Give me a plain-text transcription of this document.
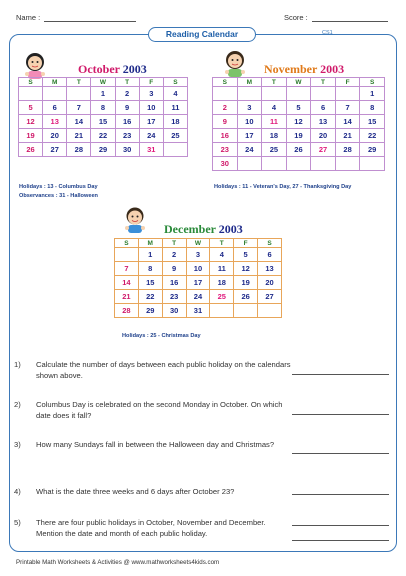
Name :	Score :
Reading Calendar	CS1
October 2003
S	M	T	W	T	F	S
			1	2	3	4
5	6	7	8	9	10	11
12	13	14	15	16	17	18
19	20	21	22	23	24	25
26	27	28	29	30	31	
Holidays : 13 - Columbus Day
Observances : 31 - Halloween
November 2003
S	M	T	W	T	F	S
						1
2	3	4	5	6	7	8
9	10	11	12	13	14	15
16	17	18	19	20	21	22
23	24	25	26	27	28	29
30						
Holidays : 11 - Veteran's Day, 27 - Thanksgiving Day
December 2003
S	M	T	W	T	F	S
	1	2	3	4	5	6
7	8	9	10	11	12	13
14	15	16	17	18	19	20
21	22	23	24	25	26	27
28	29	30	31			
Holidays : 25 - Christmas Day
1)	Calculate the number of days between each public holiday on the calendars shown above.
2)	Columbus Day is celebrated on the second Monday in October. On which date does it fall?
3)	How many Sundays fall in between the Halloween day and Christmas?
4)	What is the date three weeks and 6 days after October 23?
5)	There are four public holidays in October, November and December. Mention the date and month of each public holiday.
Printable Math Worksheets & Activities @ www.mathworksheets4kids.com
